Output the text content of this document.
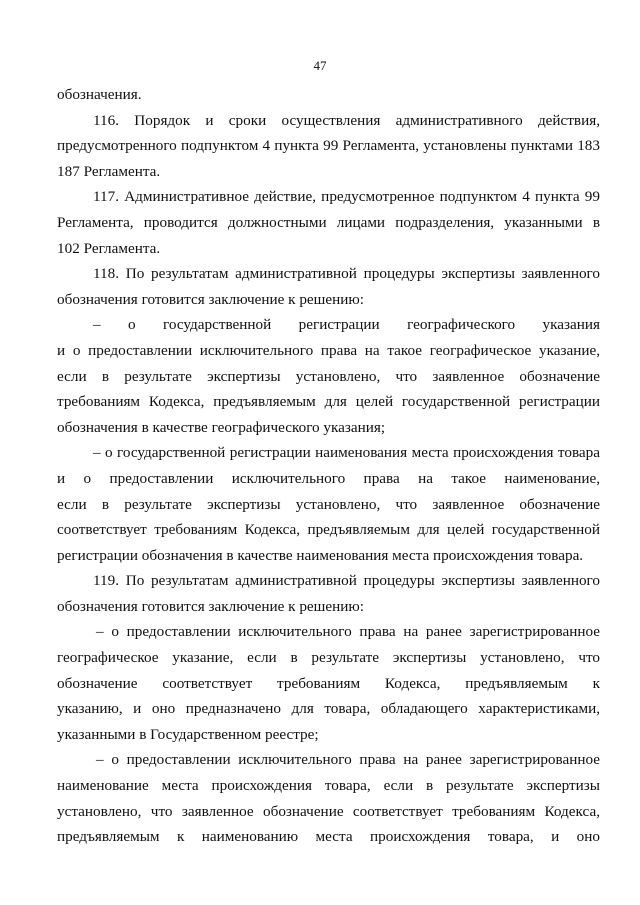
47
обозначения.
116. Порядок и сроки осуществления административного действия,
предусмотренного подпунктом 4 пункта 99 Регламента, установлены пунктами 183
187 Регламента.
117. Административное действие, предусмотренное подпунктом 4 пункта 99
Регламента, проводится должностными лицами подразделения, указанными в
102 Регламента.
118. По результатам административной процедуры экспертизы заявленного
обозначения готовится заключение к решению:
– о государственной регистрации географического указания
и о предоставлении исключительного права на такое географическое указание,
если в результате экспертизы установлено, что заявленное обозначение
требованиям Кодекса, предъявляемым для целей государственной регистрации
обозначения в качестве географического указания;
– о государственной регистрации наименования места происхождения товара
и о предоставлении исключительного права на такое наименование,
если в результате экспертизы установлено, что заявленное обозначение
соответствует требованиям Кодекса, предъявляемым для целей государственной
регистрации обозначения в качестве наименования места происхождения товара.
119. По результатам административной процедуры экспертизы заявленного
обозначения готовится заключение к решению:
– о предоставлении исключительного права на ранее зарегистрированное
географическое указание, если в результате экспертизы установлено, что
обозначение соответствует требованиям Кодекса, предъявляемым к
указанию, и оно предназначено для товара, обладающего характеристиками,
указанными в Государственном реестре;
– о предоставлении исключительного права на ранее зарегистрированное
наименование места происхождения товара, если в результате экспертизы
установлено, что заявленное обозначение соответствует требованиям Кодекса,
предъявляемым к наименованию места происхождения товара, и оно
